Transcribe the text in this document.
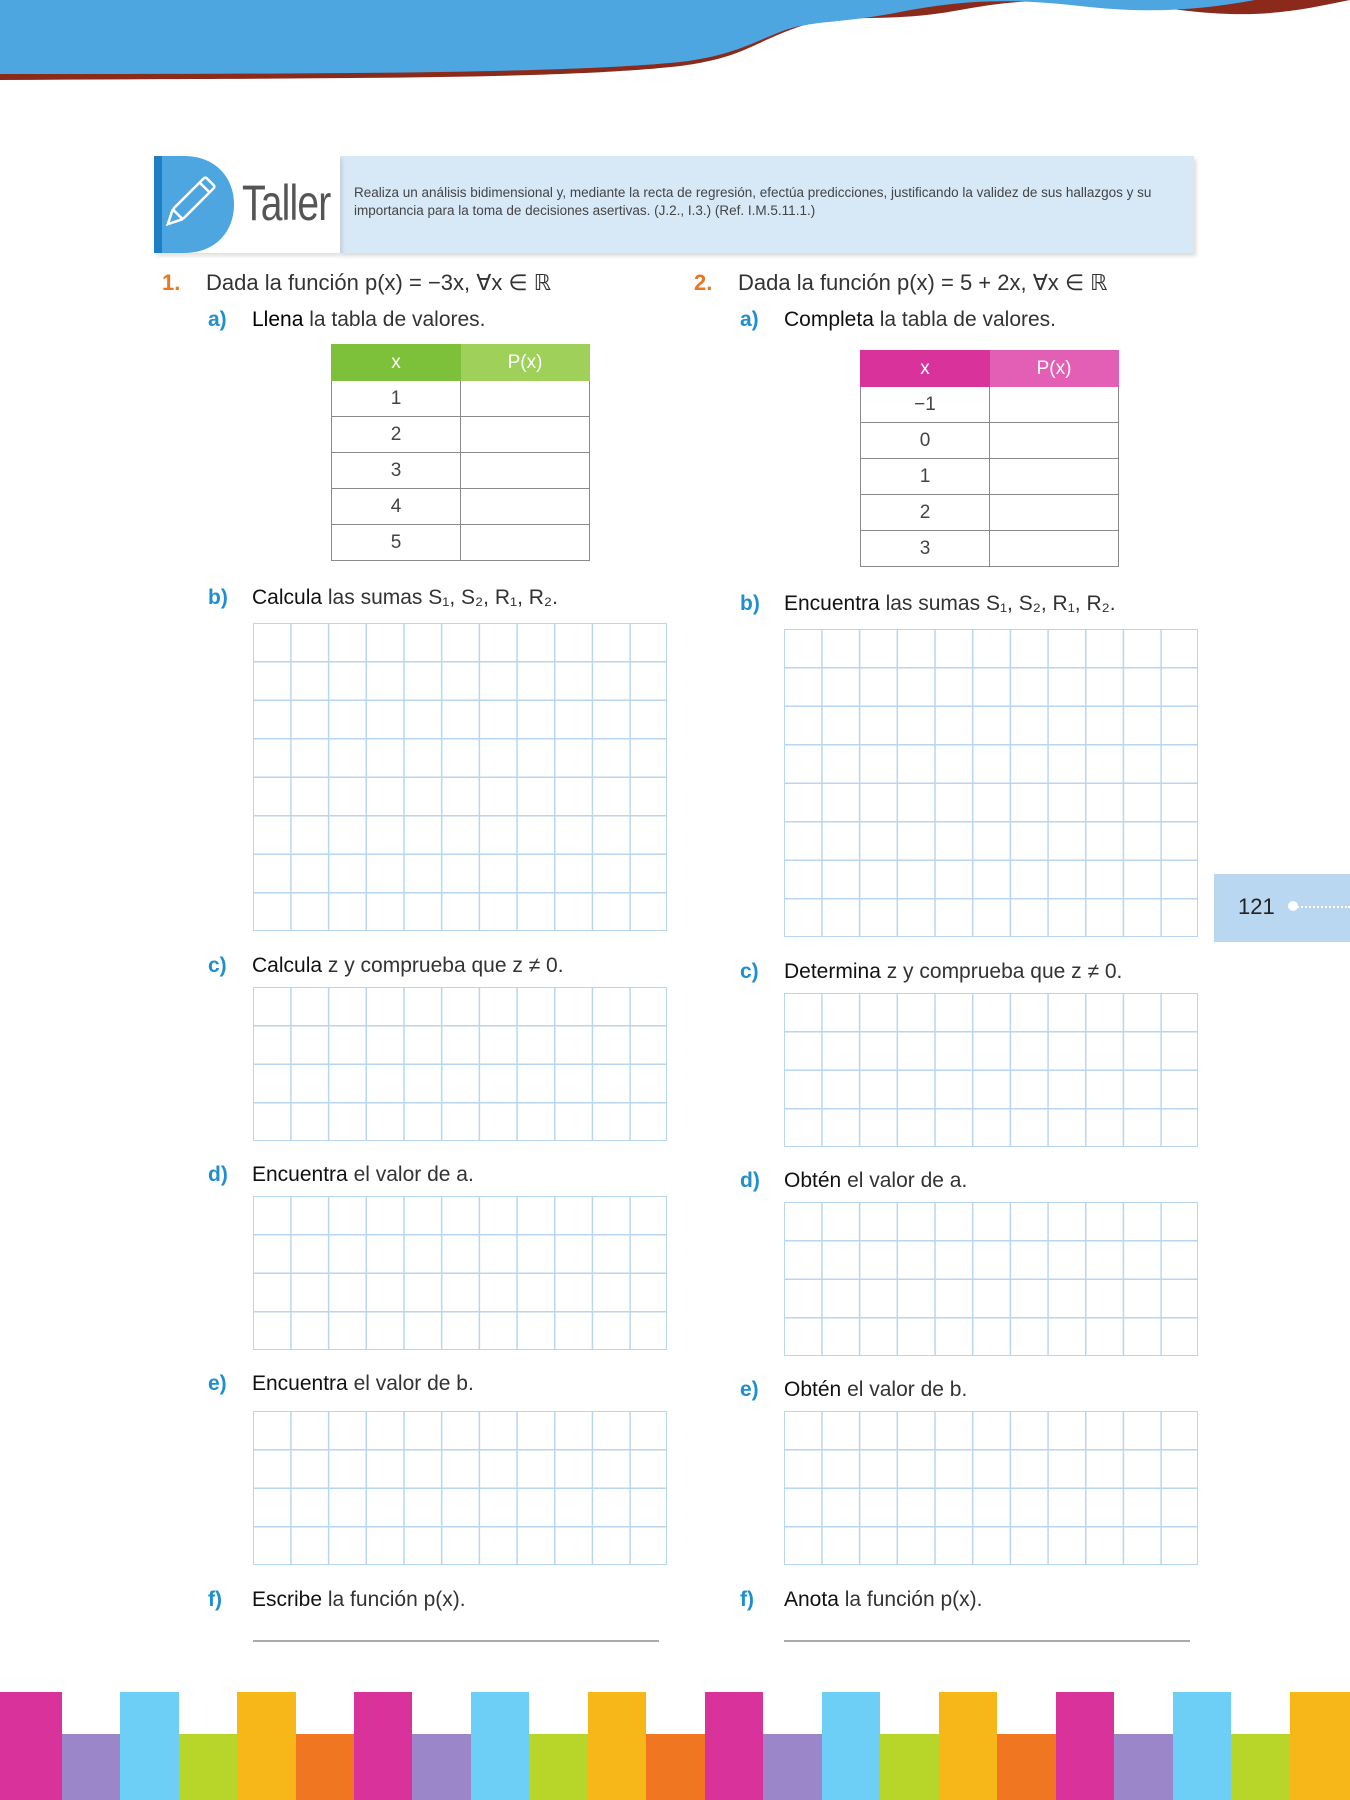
Taller	Realiza un análisis bidimensional y, mediante la recta de regresión, efectúa predicciones, justificando la validez de sus hallazgos y su importancia para la toma de decisiones asertivas. (J.2., I.3.) (Ref. I.M.5.11.1.)
1. Dada la función p(x) = −3x, ∀x ∈ ℝ
a) Llena la tabla de valores.
x	P(x)
1	
2	
3	
4	
5	
b) Calcula las sumas S₁, S₂, R₁, R₂.
c) Calcula z y comprueba que z ≠ 0.
d) Encuentra el valor de a.
e) Encuentra el valor de b.
f) Escribe la función p(x).
2. Dada la función p(x) = 5 + 2x, ∀x ∈ ℝ
a) Completa la tabla de valores.
x	P(x)
−1	
0	
1	
2	
3	
b) Encuentra las sumas S₁, S₂, R₁, R₂.
c) Determina z y comprueba que z ≠ 0.
d) Obtén el valor de a.
e) Obtén el valor de b.
f) Anota la función p(x).
121
